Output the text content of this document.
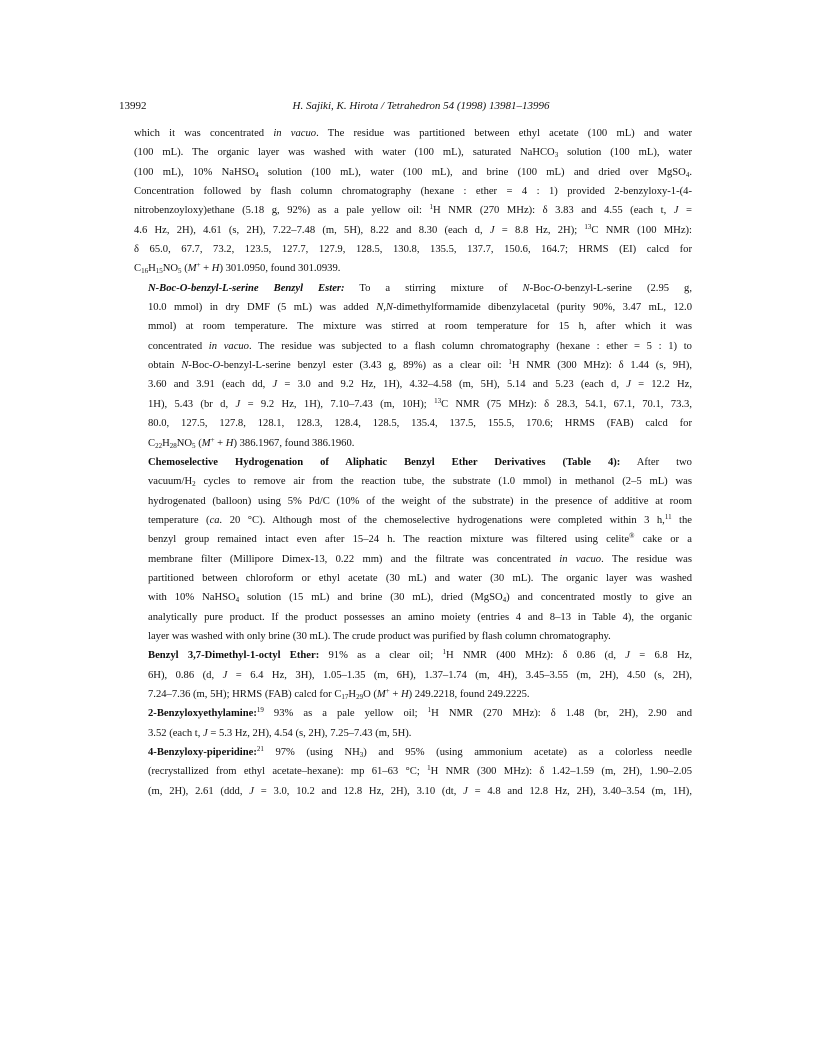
13992	H. Sajiki, K. Hirota / Tetrahedron 54 (1998) 13981–13996

which it was concentrated in vacuo. The residue was partitioned between ethyl acetate (100 mL) and water
(100 mL). The organic layer was washed with water (100 mL), saturated NaHCO$_3$ solution (100 mL), water
(100 mL), 10% NaHSO$_4$ solution (100 mL), water (100 mL), and brine (100 mL) and dried over MgSO$_4$.
Concentration followed by flash column chromatography (hexane : ether = 4 : 1) provided 2-benzyloxy-1-(4-
nitrobenzoyloxy)ethane (5.18 g, 92%) as a pale yellow oil: $^1$H NMR (270 MHz): δ 3.83 and 4.55 (each t, J =
4.6 Hz, 2H), 4.61 (s, 2H), 7.22–7.48 (m, 5H), 8.22 and 8.30 (each d, J = 8.8 Hz, 2H); $^{13}$C NMR (100 MHz):
δ 65.0, 67.7, 73.2, 123.5, 127.7, 127.9, 128.5, 130.8, 135.5, 137.7, 150.6, 164.7; HRMS (EI) calcd for
$C_{16}H_{15}NO_5$ (M+ + H) 301.0950, found 301.0939.

N-Boc-O-benzyl-L-serine Benzyl Ester: To a stirring mixture of N-Boc-O-benzyl-L-serine (2.95 g,
10.0 mmol) in dry DMF (5 mL) was added N,N-dimethylformamide dibenzylacetal (purity 90%, 3.47 mL, 12.0
mmol) at room temperature. The mixture was stirred at room temperature for 15 h, after which it was
concentrated in vacuo. The residue was subjected to a flash column chromatography (hexane : ether = 5 : 1) to
obtain N-Boc-O-benzyl-L-serine benzyl ester (3.43 g, 89%) as a clear oil: $^1$H NMR (300 MHz): δ 1.44 (s, 9H),
3.60 and 3.91 (each dd, J = 3.0 and 9.2 Hz, 1H), 4.32–4.58 (m, 5H), 5.14 and 5.23 (each d, J = 12.2 Hz,
1H), 5.43 (br d, J = 9.2 Hz, 1H), 7.10–7.43 (m, 10H); $^{13}$C NMR (75 MHz): δ 28.3, 54.1, 67.1, 70.1, 73.3,
80.0, 127.5, 127.8, 128.1, 128.3, 128.4, 128.5, 135.4, 137.5, 155.5, 170.6; HRMS (FAB) calcd for
$C_{22}H_{28}NO_5$ (M+ + H) 386.1967, found 386.1960.

Chemoselective Hydrogenation of Aliphatic Benzyl Ether Derivatives (Table 4): After two
vacuum/$H_2$ cycles to remove air from the reaction tube, the substrate (1.0 mmol) in methanol (2–5 mL) was
hydrogenated (balloon) using 5% Pd/C (10% of the weight of the substrate) in the presence of additive at room
temperature (ca. 20 °C). Although most of the chemoselective hydrogenations were completed within 3 h,$^{11}$ the
benzyl group remained intact even after 15–24 h. The reaction mixture was filtered using celite® cake or a
membrane filter (Millipore Dimex-13, 0.22 mm) and the filtrate was concentrated in vacuo. The residue was
partitioned between chloroform or ethyl acetate (30 mL) and water (30 mL). The organic layer was washed
with 10% NaHSO$_4$ solution (15 mL) and brine (30 mL), dried (MgSO$_4$) and concentrated mostly to give an
analytically pure product. If the product possesses an amino moiety (entries 4 and 8–13 in Table 4), the organic
layer was washed with only brine (30 mL). The crude product was purified by flash column chromatography.

Benzyl 3,7-Dimethyl-1-octyl Ether: 91% as a clear oil; $^1$H NMR (400 MHz): δ 0.86 (d, J = 6.8 Hz,
6H), 0.86 (d, J = 6.4 Hz, 3H), 1.05–1.35 (m, 6H), 1.37–1.74 (m, 4H), 3.45–3.55 (m, 2H), 4.50 (s, 2H),
7.24–7.36 (m, 5H); HRMS (FAB) calcd for $C_{17}H_{29}O$ (M+ + H) 249.2218, found 249.2225.

2-Benzyloxyethylamine:$^{19}$ 93% as a pale yellow oil; $^1$H NMR (270 MHz): δ 1.48 (br, 2H), 2.90 and
3.52 (each t, J = 5.3 Hz, 2H), 4.54 (s, 2H), 7.25–7.43 (m, 5H).

4-Benzyloxy-piperidine:$^{21}$ 97% (using $NH_3$) and 95% (using ammonium acetate) as a colorless needle
(recrystallized from ethyl acetate–hexane): mp 61–63 °C; $^1$H NMR (300 MHz): δ 1.42–1.59 (m, 2H), 1.90–2.05
(m, 2H), 2.61 (ddd, J = 3.0, 10.2 and 12.8 Hz, 2H), 3.10 (dt, J = 4.8 and 12.8 Hz, 2H), 3.40–3.54 (m, 1H),
